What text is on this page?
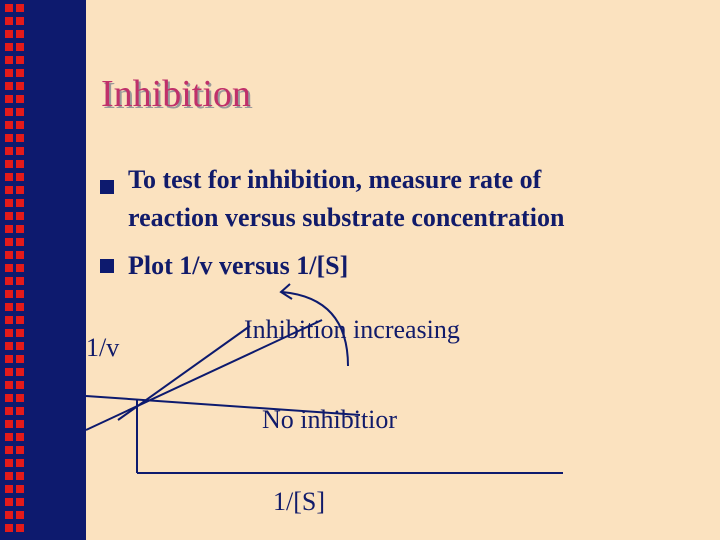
Inhibition
To test for inhibition, measure rate of
reaction versus substrate concentration
Plot 1/v versus 1/[S]
Inhibition increasing
1/v
No inhibitior
1/[S]
